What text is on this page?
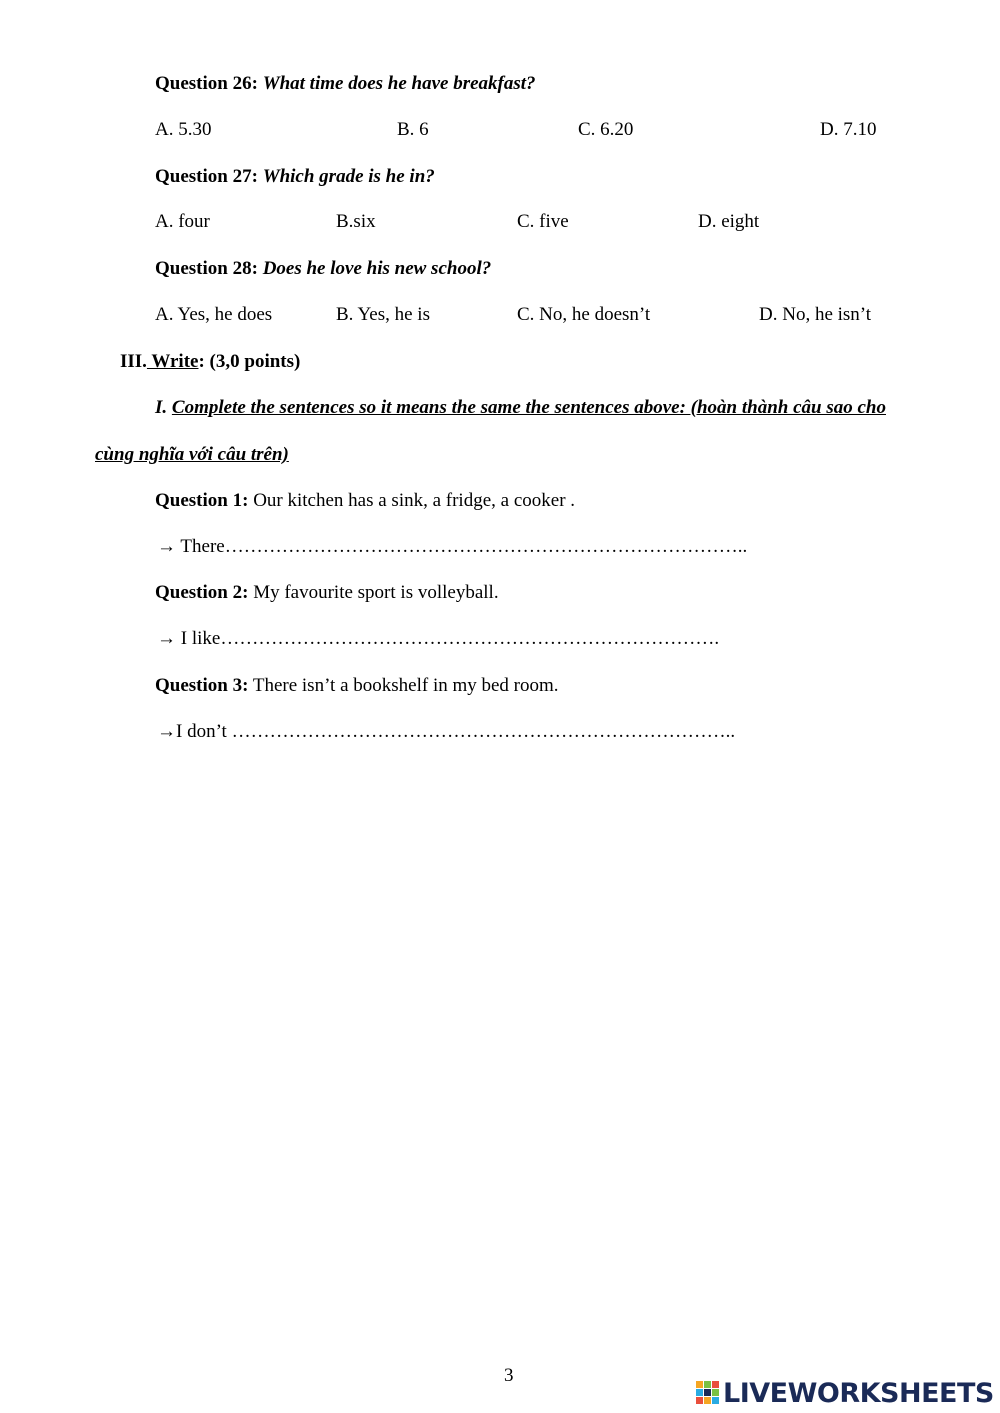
Question 26: What time does he have breakfast?
A. 5.30	B. 6	C. 6.20	D. 7.10
Question 27: Which grade is he in?
A. four	B.six	C. five	D. eight
Question 28: Does he love his new school?
A. Yes, he does	B. Yes, he is	C. No, he doesn’t	D. No, he isn’t
III. Write: (3,0 points)
I. Complete the sentences so it means the same the sentences above: (hoàn thành câu sao cho
cùng nghĩa với câu trên)
Question 1: Our kitchen has a sink, a fridge, a cooker .
→ There………………………………………………………………………..
Question 2: My favourite sport is volleyball.
→ I like…………………………………………………………………….
Question 3: There isn’t a bookshelf in my bed room.
→I don’t ……………………………………………………………………..
3
LIVEWORKSHEETS
